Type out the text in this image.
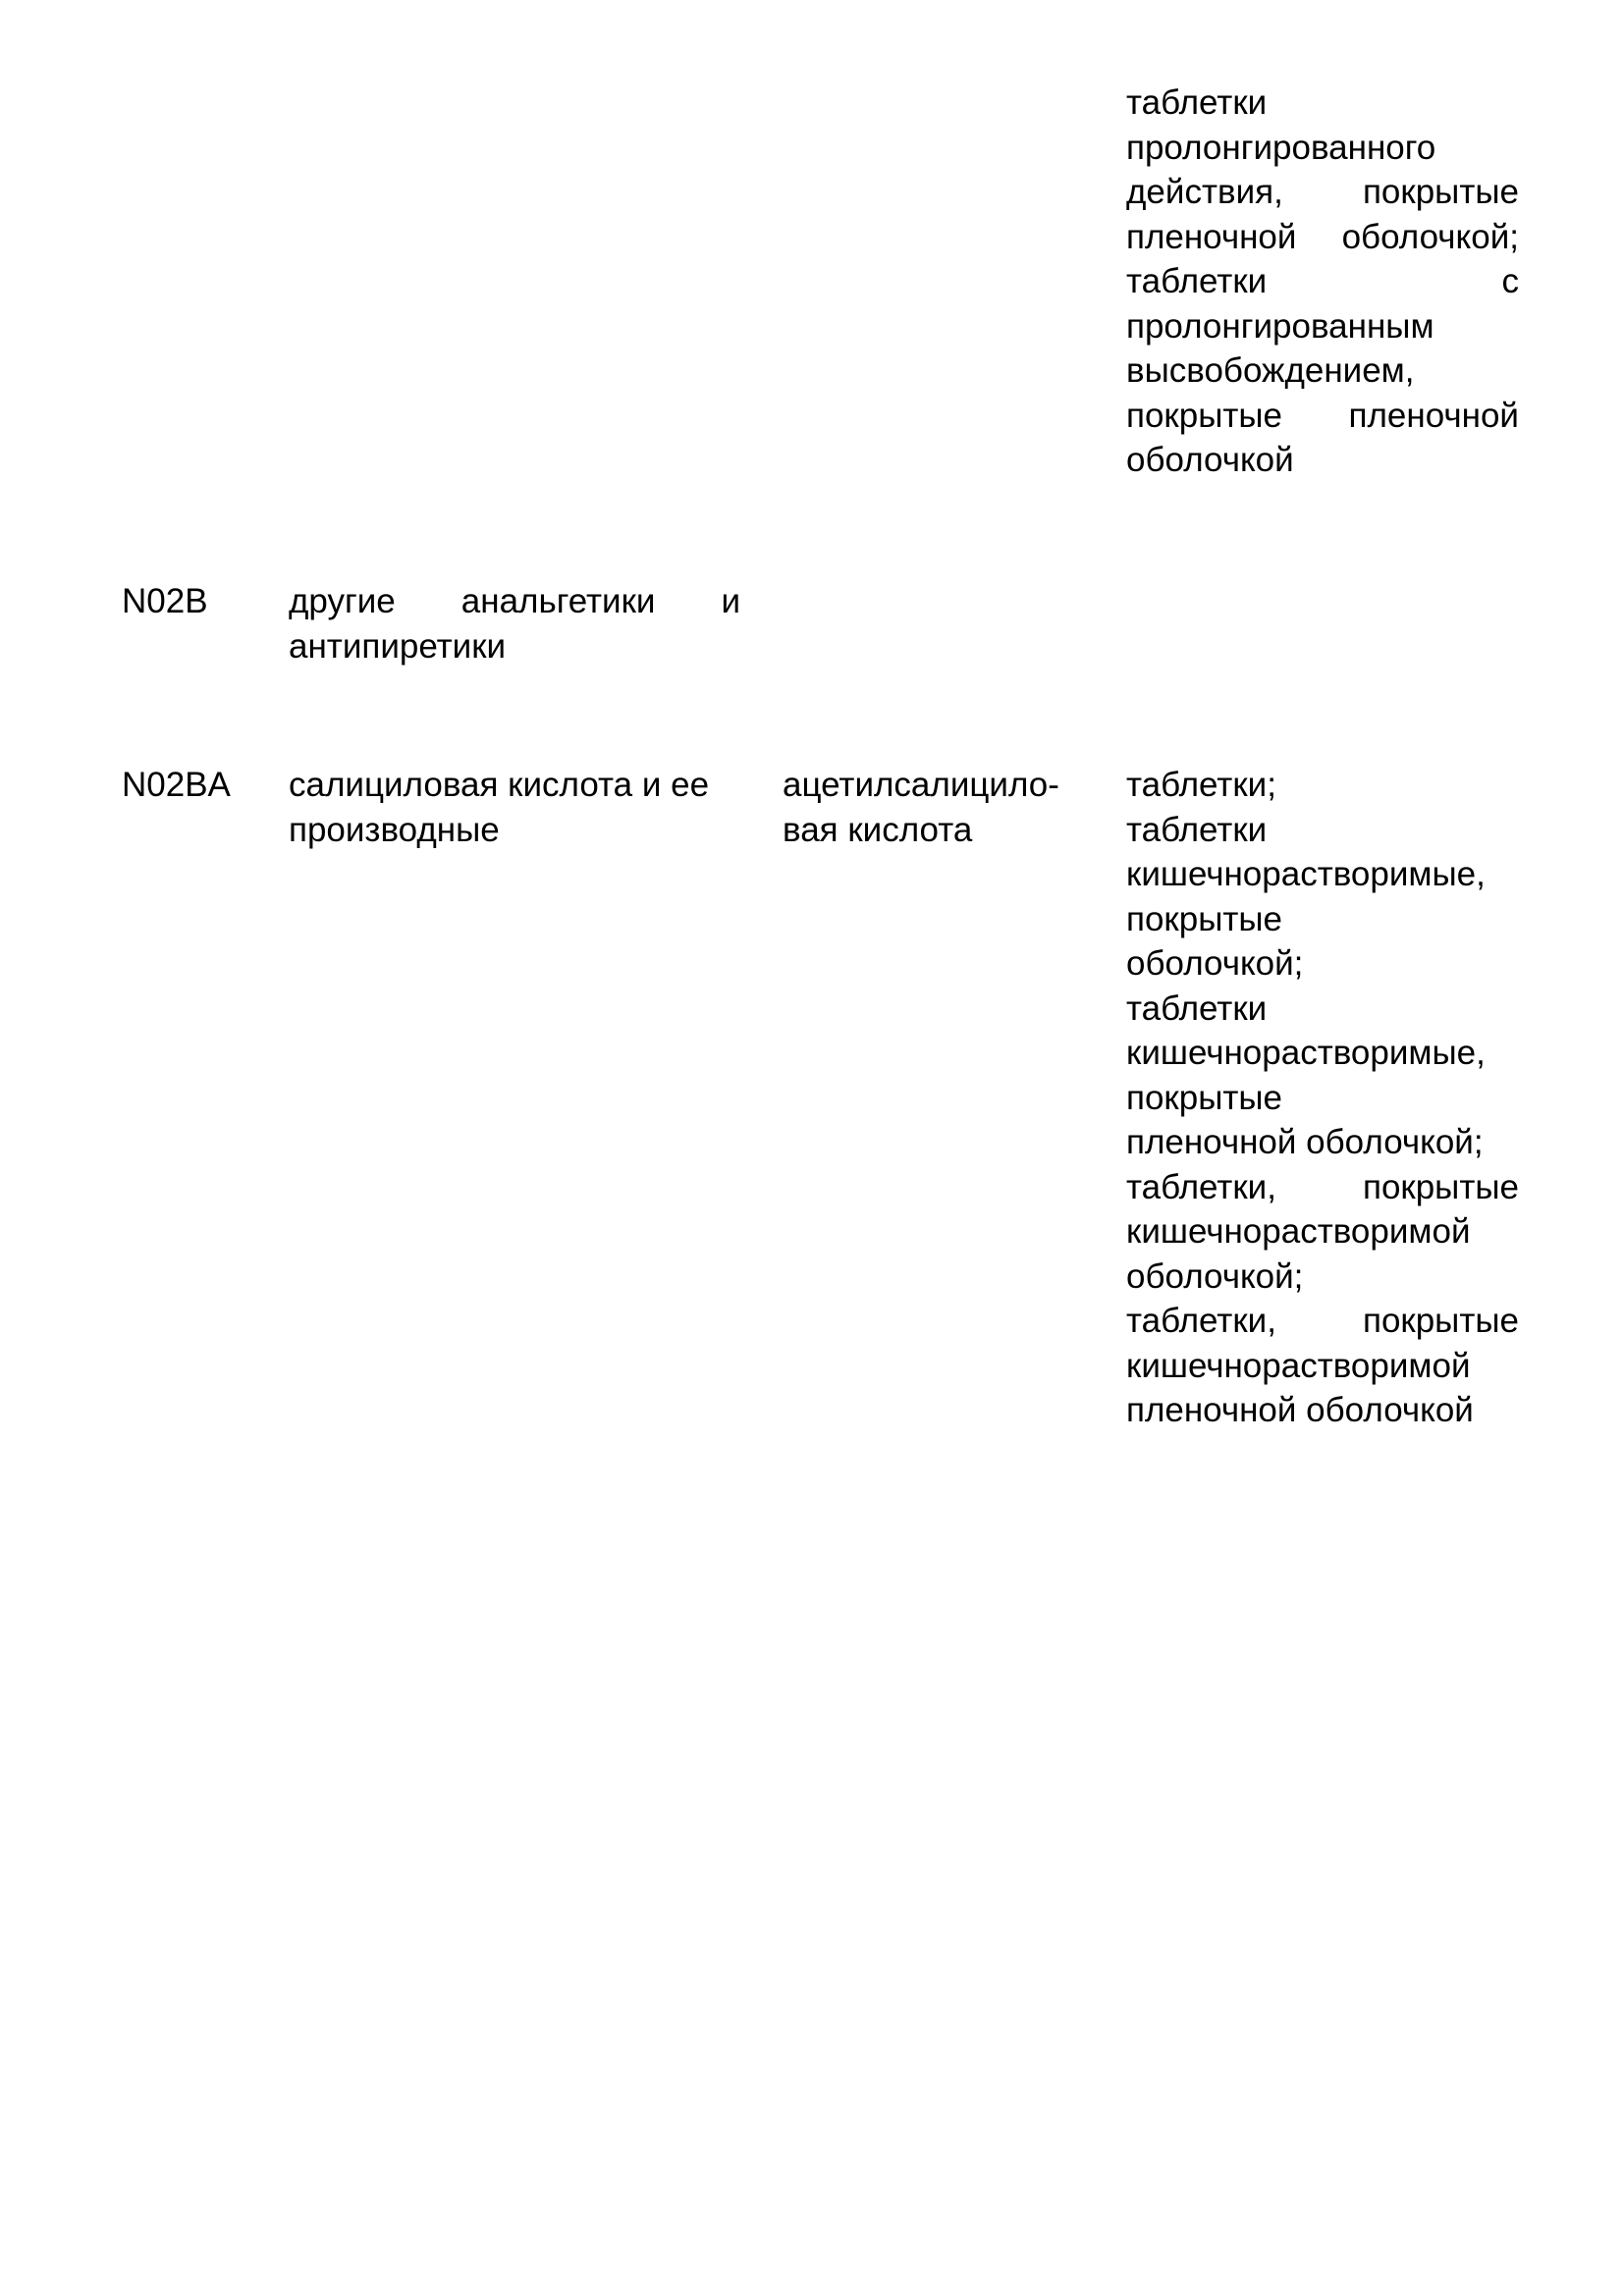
таблетки
пролонгированного
действия, покрытые
пленочной оболочкой;
таблетки с
пролонгированным
высвобождением,
покрытые пленочной
оболочкой
N02B	другие анальгетики и
антипиретики
N02BA	салициловая кислота и ее
производные
ацетилсалицило-
вая кислота
таблетки;
таблетки
кишечнорастворимые,
покрытые
оболочкой;
таблетки
кишечнорастворимые,
покрытые
пленочной оболочкой;
таблетки, покрытые
кишечнорастворимой
оболочкой;
таблетки, покрытые
кишечнорастворимой
пленочной оболочкой
